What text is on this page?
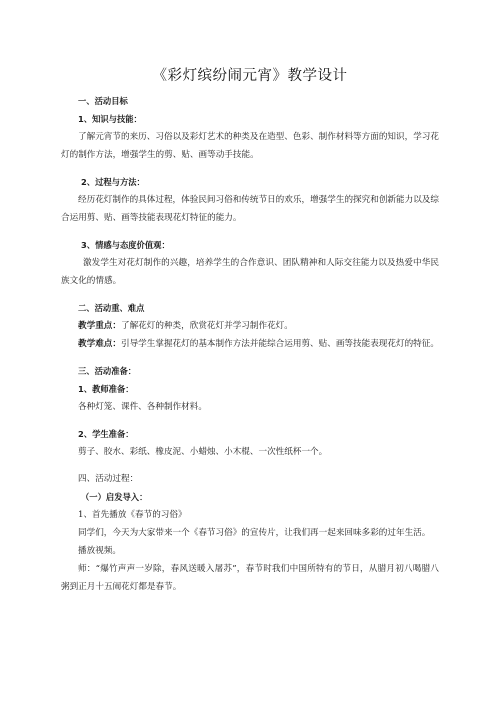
《彩灯缤纷闹元宵》教学设计
一、活动目标
1、知识与技能：
了解元宵节的来历、习俗以及彩灯艺术的种类及在造型、色彩、制作材料等方面的知识，学习花灯的制作方法，增强学生的剪、贴、画等动手技能。
2、过程与方法：
经历花灯制作的具体过程，体验民间习俗和传统节日的欢乐，增强学生的探究和创新能力以及综合运用剪、贴、画等技能表现花灯特征的能力。
3、情感与态度价值观：
激发学生对花灯制作的兴趣，培养学生的合作意识、团队精神和人际交往能力以及热爱中华民族文化的情感。
二、活动重、难点
教学重点：了解花灯的种类，欣赏花灯并学习制作花灯。
教学难点：引导学生掌握花灯的基本制作方法并能综合运用剪、贴、画等技能表现花灯的特征。
三、活动准备：
1、教师准备：
各种灯笼、课件、各种制作材料。
2、学生准备：
剪子、胶水、彩纸、橡皮泥、小蜡烛、小木棍、一次性纸杯一个。
四、活动过程：
（一）启发导入：
1、首先播放《春节的习俗》
同学们，今天为大家带来一个《春节习俗》的宣传片，让我们再一起来回味多彩的过年生活。
播放视频。
师：“爆竹声声一岁除，春风送暖入屠苏”，春节时我们中国所特有的节日，从腊月初八喝腊八粥到正月十五闹花灯都是春节。
